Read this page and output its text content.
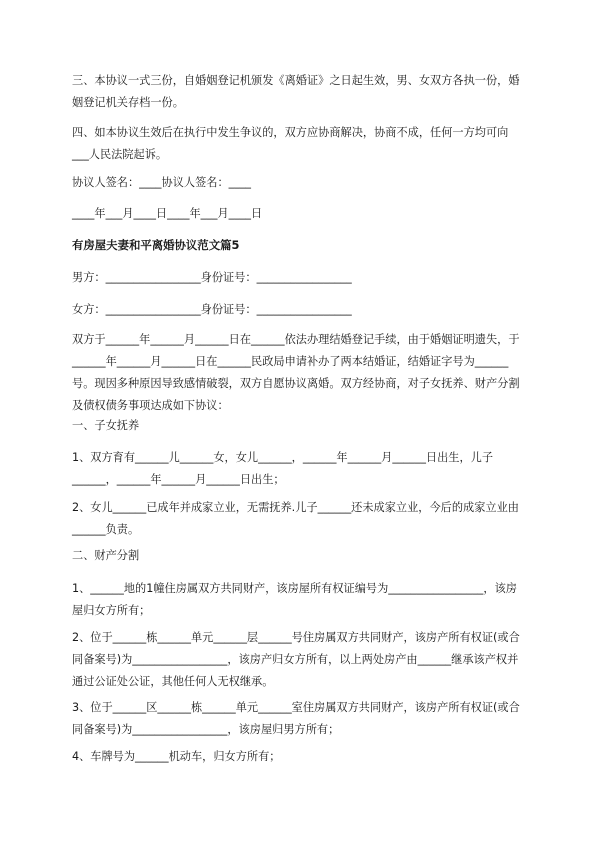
三、本协议一式三份，自婚姻登记机颁发《离婚证》之日起生效，男、女双方各执一份，婚姻登记机关存档一份。

四、如本协议生效后在执行中发生争议的，双方应协商解决，协商不成，任何一方均可向___人民法院起诉。

协议人签名：____协议人签名：____

____年___月____日____年___月____日

有房屋夫妻和平离婚协议范文篇5

男方：_________________身份证号：_________________

女方：_________________身份证号：_________________

双方于______年______月______日在______依法办理结婚登记手续，由于婚姻证明遗失，于______年______月______日在______民政局申请补办了两本结婚证，结婚证字号为______号。现因多种原因导致感情破裂，双方自愿协议离婚。双方经协商，对子女抚养、财产分割及债权债务事项达成如下协议：

一、子女抚养

1、双方育有______儿______女，女儿______，______年______月______日出生，儿子______，______年______月______日出生；

2、女儿______已成年并成家立业，无需抚养.儿子______还未成家立业，今后的成家立业由______负责。

二、财产分割

1、______地的1幢住房属双方共同财产，该房屋所有权证编号为_________________，该房屋归女方所有；

2、位于______栋______单元______层______号住房属双方共同财产，该房产所有权证(或合同备案号)为_________________，该房产归女方所有，以上两处房产由______继承该产权并通过公证处公证，其他任何人无权继承。

3、位于______区______栋______单元______室住房属双方共同财产，该房产所有权证(或合同备案号)为_________________，该房屋归男方所有；

4、车牌号为______机动车，归女方所有；
